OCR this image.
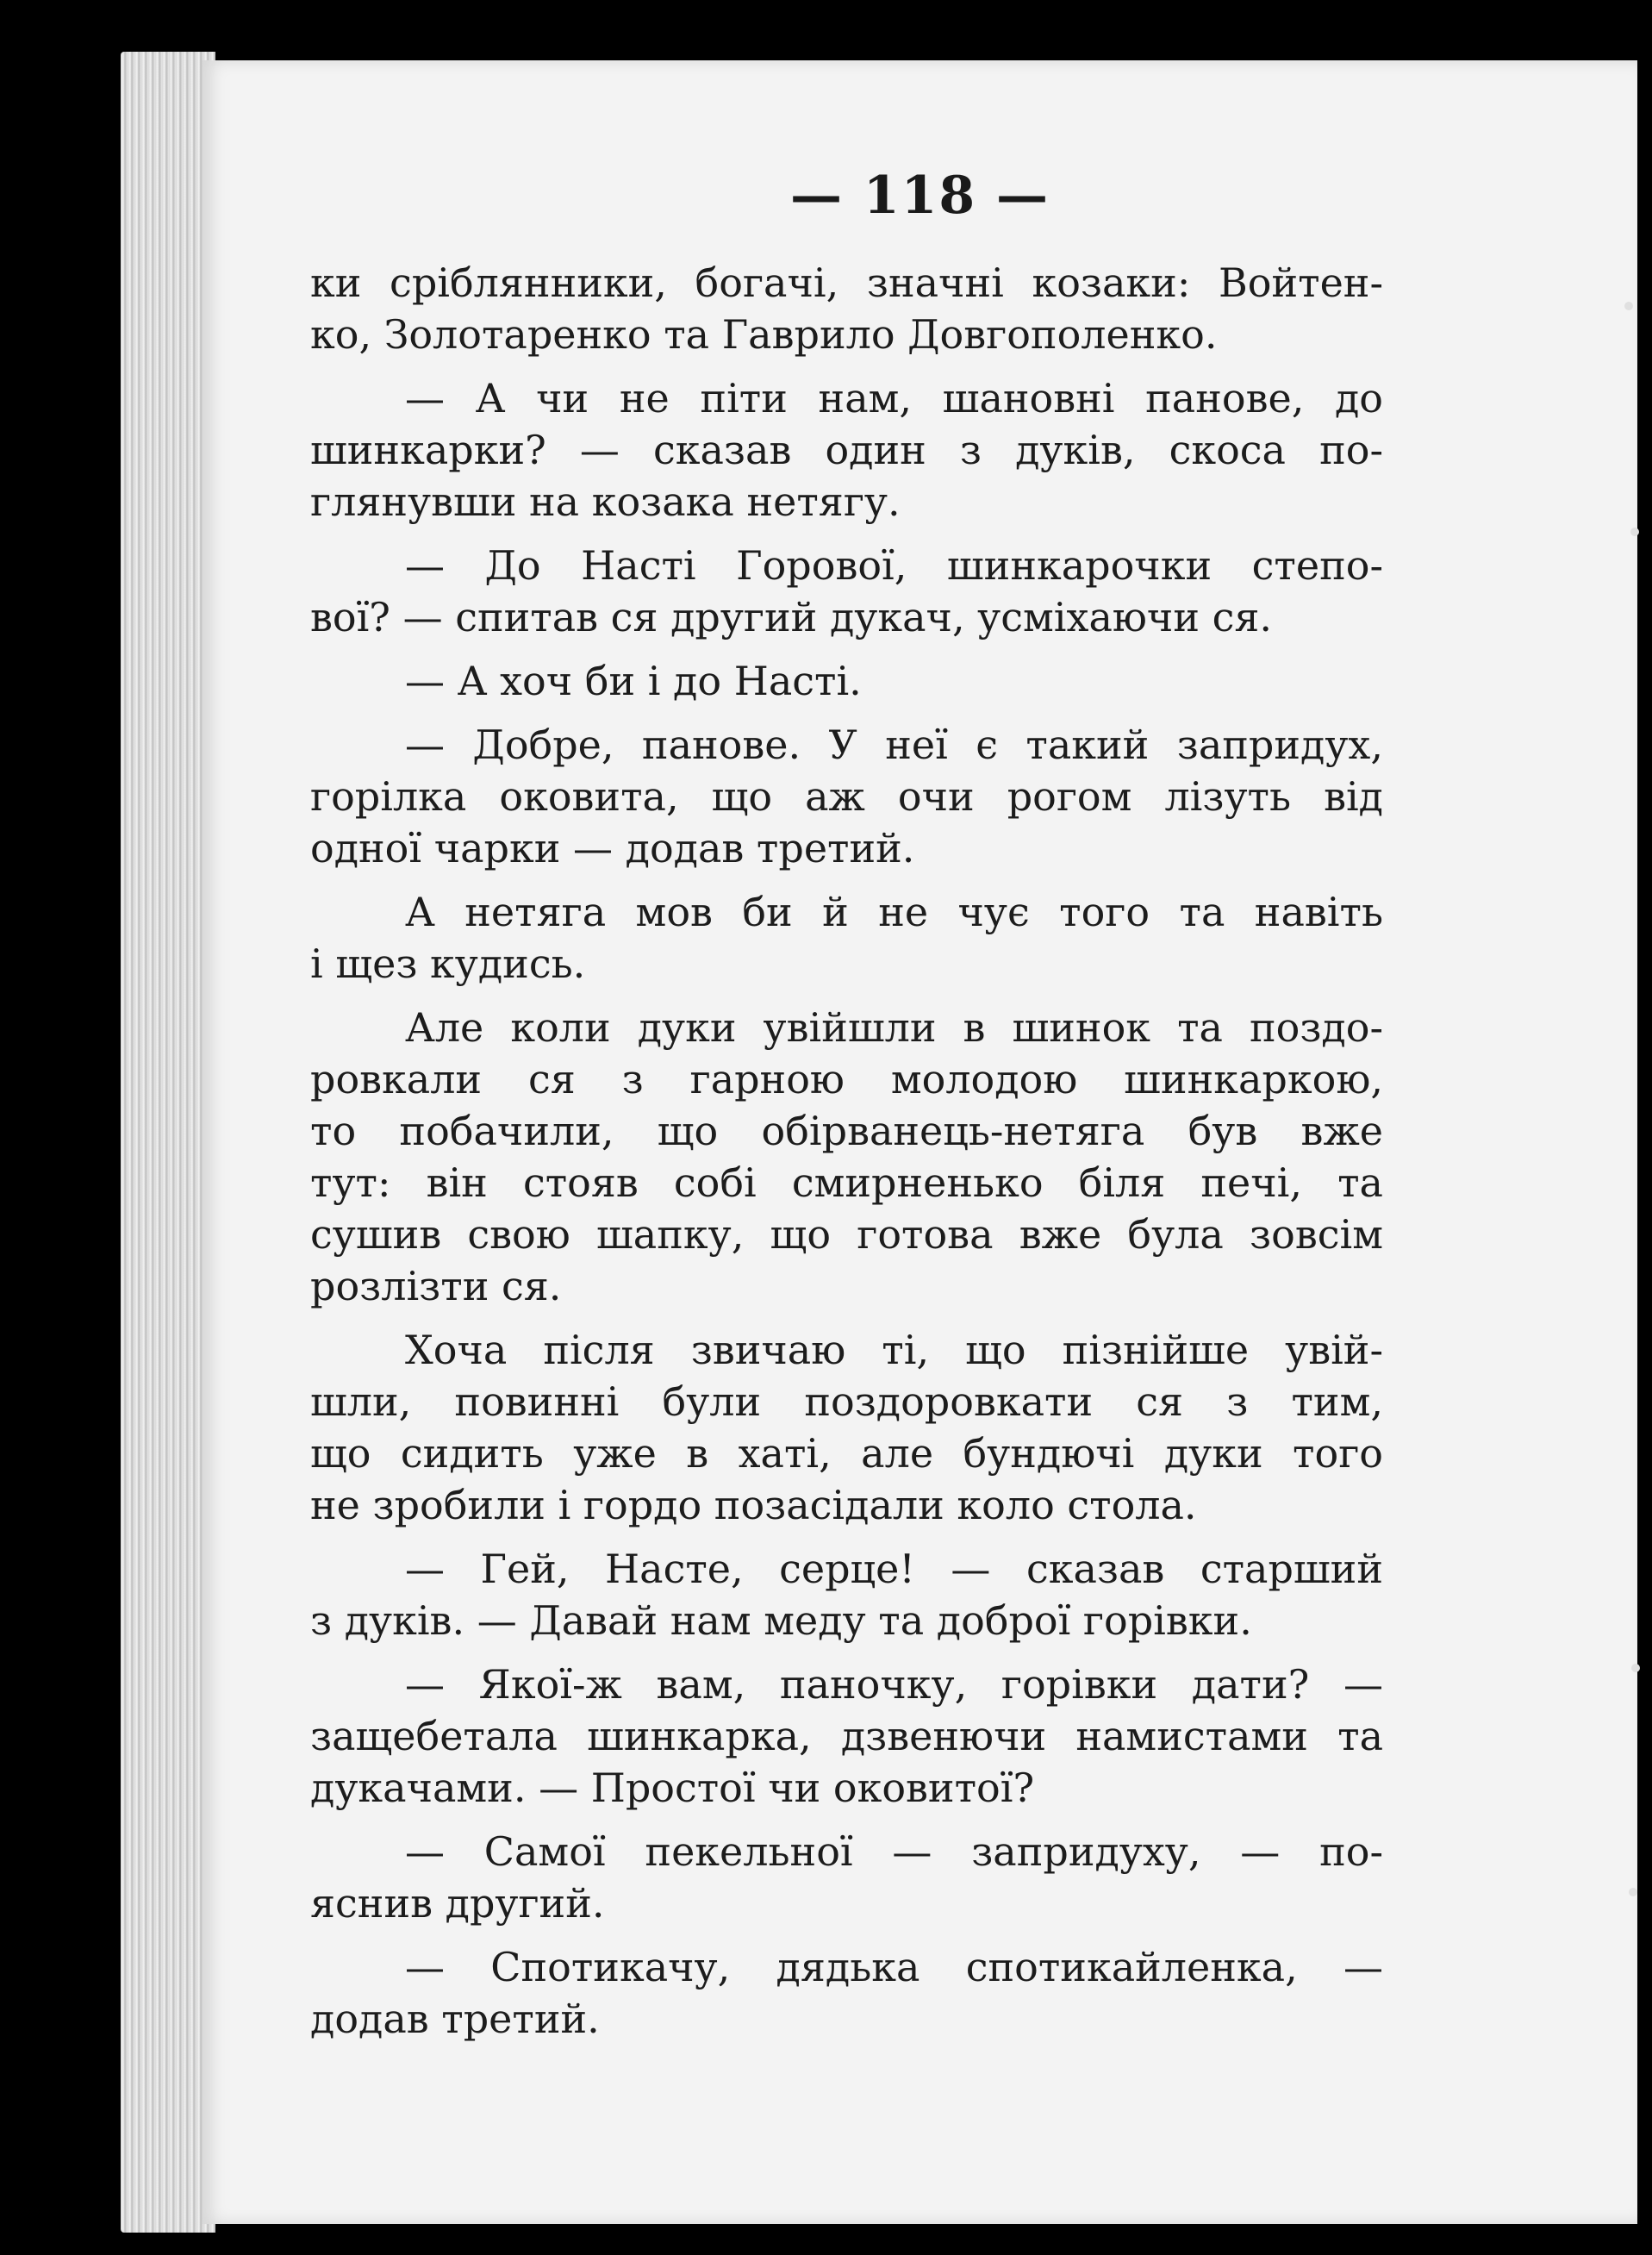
— 118 —
ки сріблянники, богачі, значні козаки: Войтен-
ко, Золотаренко та Гаврило Довгополенко.
— А чи не піти нам, шановні панове, до
шинкарки? — сказав один з дуків, скоса по-
глянувши на козака нетягу.
— До Насті Горової, шинкарочки степо-
вої? — спитав ся другий дукач, усміхаючи ся.
— А хоч би і до Насті.
— Добре, панове. У неї є такий запридух,
горілка оковита, що аж очи рогом лізуть від
одної чарки — додав третий.
А нетяга мов би й не чує того та навіть
і щез кудись.
Але коли дуки увійшли в шинок та поздо-
ровкали ся з гарною молодою шинкаркою,
то побачили, що обірванець-нетяга був вже
тут: він стояв собі смирненько біля печі, та
сушив свою шапку, що готова вже була зовсім
розлізти ся.
Хоча після звичаю ті, що пізнійше увій-
шли, повинні були поздоровкати ся з тим,
що сидить уже в хаті, але бундючі дуки того
не зробили і гордо позасідали коло стола.
— Гей, Насте, серце! — сказав старший
з дуків. — Давай нам меду та доброї горівки.
— Якої-ж вам, паночку, горівки дати? —
защебетала шинкарка, дзвенючи намистами та
дукачами. — Простої чи оковитої?
— Самої пекельної — запридуху, — по-
яснив другий.
— Спотикачу, дядька спотикайленка, —
додав третий.
